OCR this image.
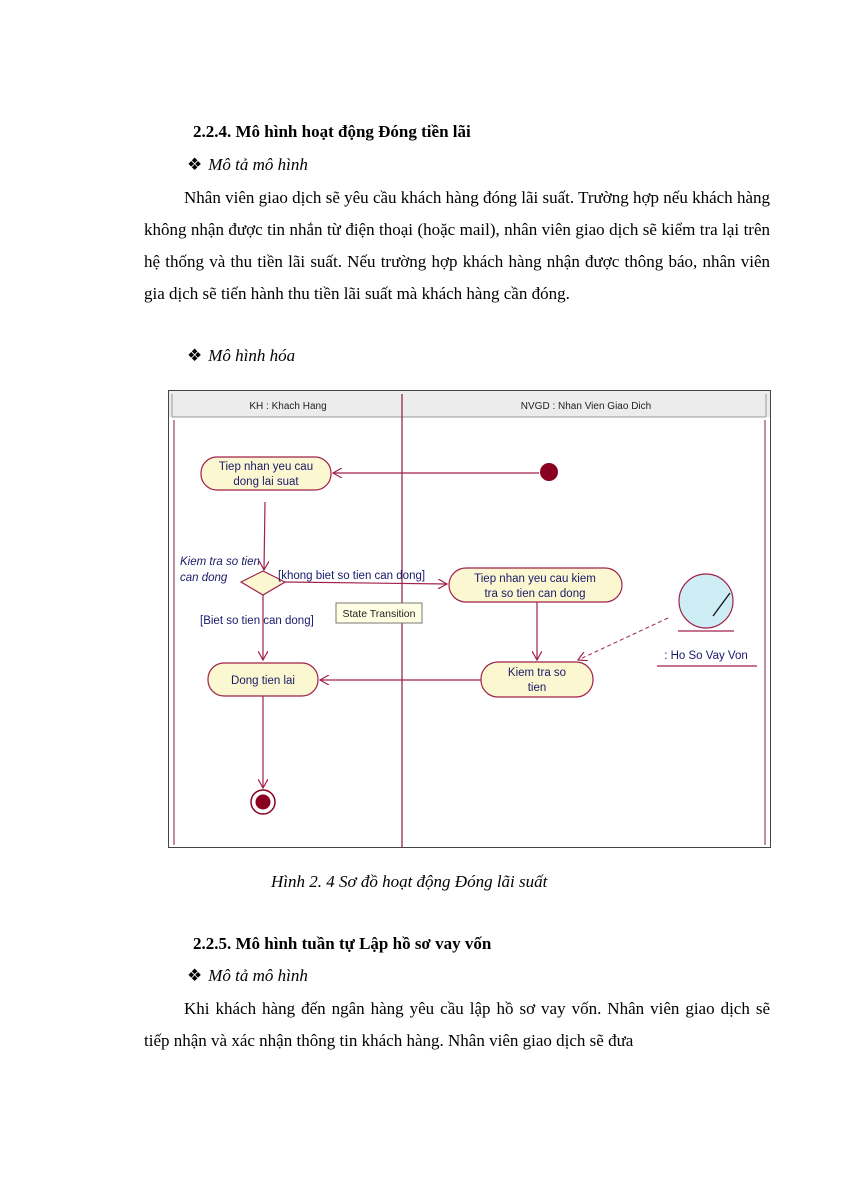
2.2.4. Mô hình hoạt động Đóng tiền lãi
❖ Mô tả mô hình
Nhân viên giao dịch sẽ yêu cầu khách hàng đóng lãi suất. Trường hợp nếu khách hàng không nhận được tin nhắn từ điện thoại (hoặc mail), nhân viên giao dịch sẽ kiểm tra lại trên hệ thống và thu tiền lãi suất. Nếu trường hợp khách hàng nhận được thông báo, nhân viên gia dịch sẽ tiến hành thu tiền lãi suất mà khách hàng cần đóng.
❖ Mô hình hóa
KH : Khach Hang	NVGD : Nhan Vien Giao Dich
Tiep nhan yeu cau
dong lai suat
Kiem tra so tien
can dong	[khong biet so tien can dong]
[Biet so tien can dong]
State Transition
Tiep nhan yeu cau kiem
tra so tien can dong
Kiem tra so
tien
Dong tien lai
: Ho So Vay Von
Hình 2. 4 Sơ đồ hoạt động Đóng lãi suất
2.2.5. Mô hình tuần tự Lập hồ sơ vay vốn
❖ Mô tả mô hình
Khi khách hàng đến ngân hàng yêu cầu lập hồ sơ vay vốn. Nhân viên giao dịch sẽ tiếp nhận và xác nhận thông tin khách hàng. Nhân viên giao dịch sẽ đưa
